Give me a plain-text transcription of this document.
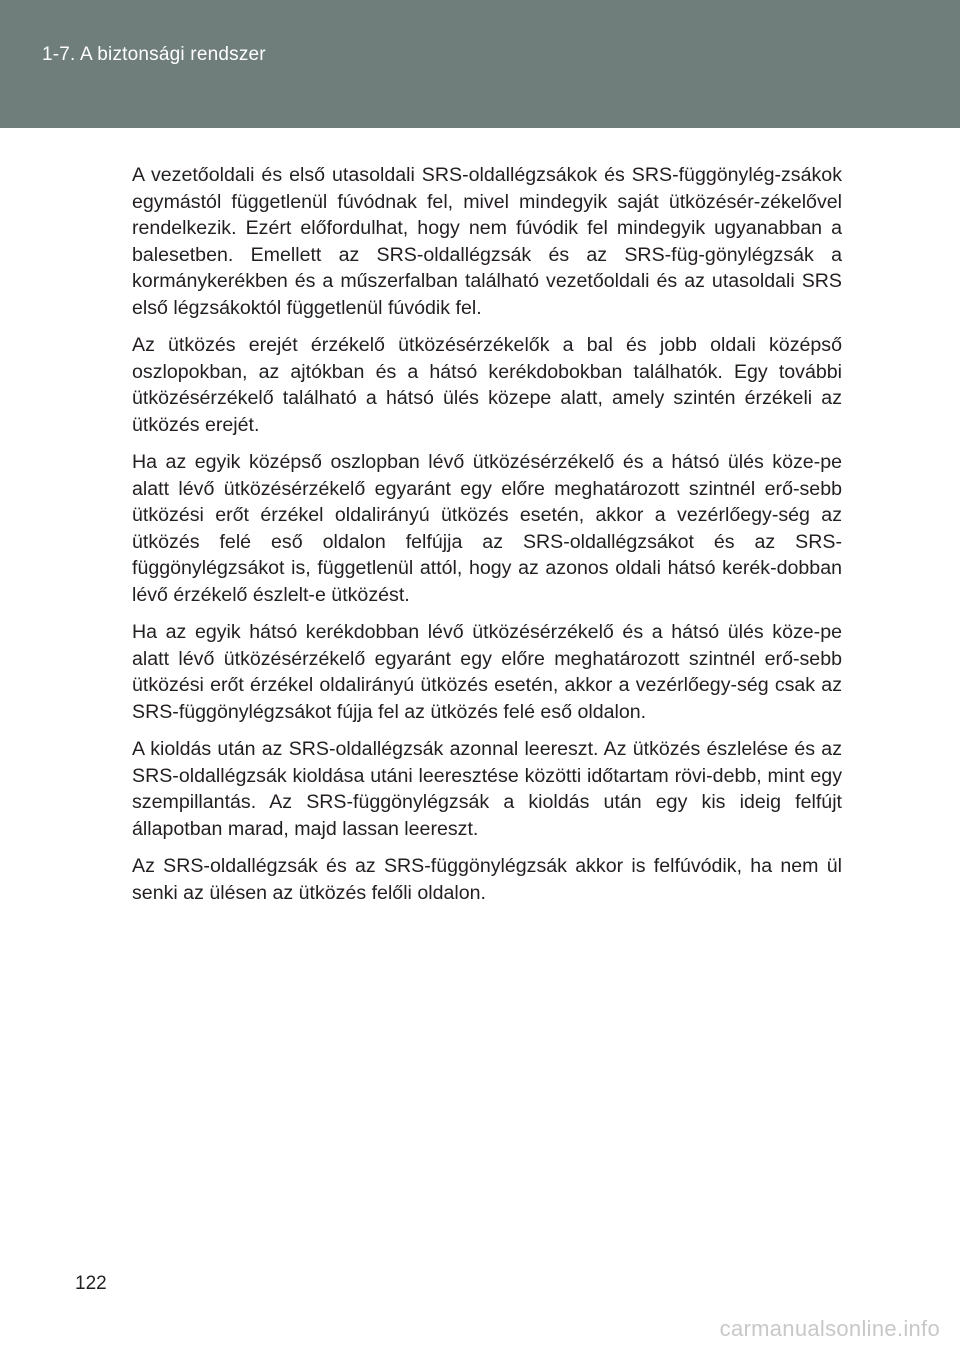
1-7. A biztonsági rendszer

A vezetőoldali és első utasoldali SRS-oldallégzsákok és SRS-függönylég-zsákok egymástól függetlenül fúvódnak fel, mivel mindegyik saját ütközésér-zékelővel rendelkezik. Ezért előfordulhat, hogy nem fúvódik fel mindegyik ugyanabban a balesetben. Emellett az SRS-oldallégzsák és az SRS-füg-gönylégzsák a kormánykerékben és a műszerfalban található vezetőoldali és az utasoldali SRS első légzsákoktól függetlenül fúvódik fel.

Az ütközés erejét érzékelő ütközésérzékelők a bal és jobb oldali középső oszlopokban, az ajtókban és a hátsó kerékdobokban találhatók. Egy további ütközésérzékelő található a hátsó ülés közepe alatt, amely szintén érzékeli az ütközés erejét.

Ha az egyik középső oszlopban lévő ütközésérzékelő és a hátsó ülés köze-pe alatt lévő ütközésérzékelő egyaránt egy előre meghatározott szintnél erő-sebb ütközési erőt érzékel oldalirányú ütközés esetén, akkor a vezérlőegy-ség az ütközés felé eső oldalon felfújja az SRS-oldallégzsákot és az SRS-függönylégzsákot is, függetlenül attól, hogy az azonos oldali hátsó kerék-dobban lévő érzékelő észlelt-e ütközést.

Ha az egyik hátsó kerékdobban lévő ütközésérzékelő és a hátsó ülés köze-pe alatt lévő ütközésérzékelő egyaránt egy előre meghatározott szintnél erő-sebb ütközési erőt érzékel oldalirányú ütközés esetén, akkor a vezérlőegy-ség csak az SRS-függönylégzsákot fújja fel az ütközés felé eső oldalon.

A kioldás után az SRS-oldallégzsák azonnal leereszt. Az ütközés észlelése és az SRS-oldallégzsák kioldása utáni leeresztése közötti időtartam rövi-debb, mint egy szempillantás. Az SRS-függönylégzsák a kioldás után egy kis ideig felfújt állapotban marad, majd lassan leereszt.

Az SRS-oldallégzsák és az SRS-függönylégzsák akkor is felfúvódik, ha nem ül senki az ülésen az ütközés felőli oldalon.

122
carmanualsonline.info
